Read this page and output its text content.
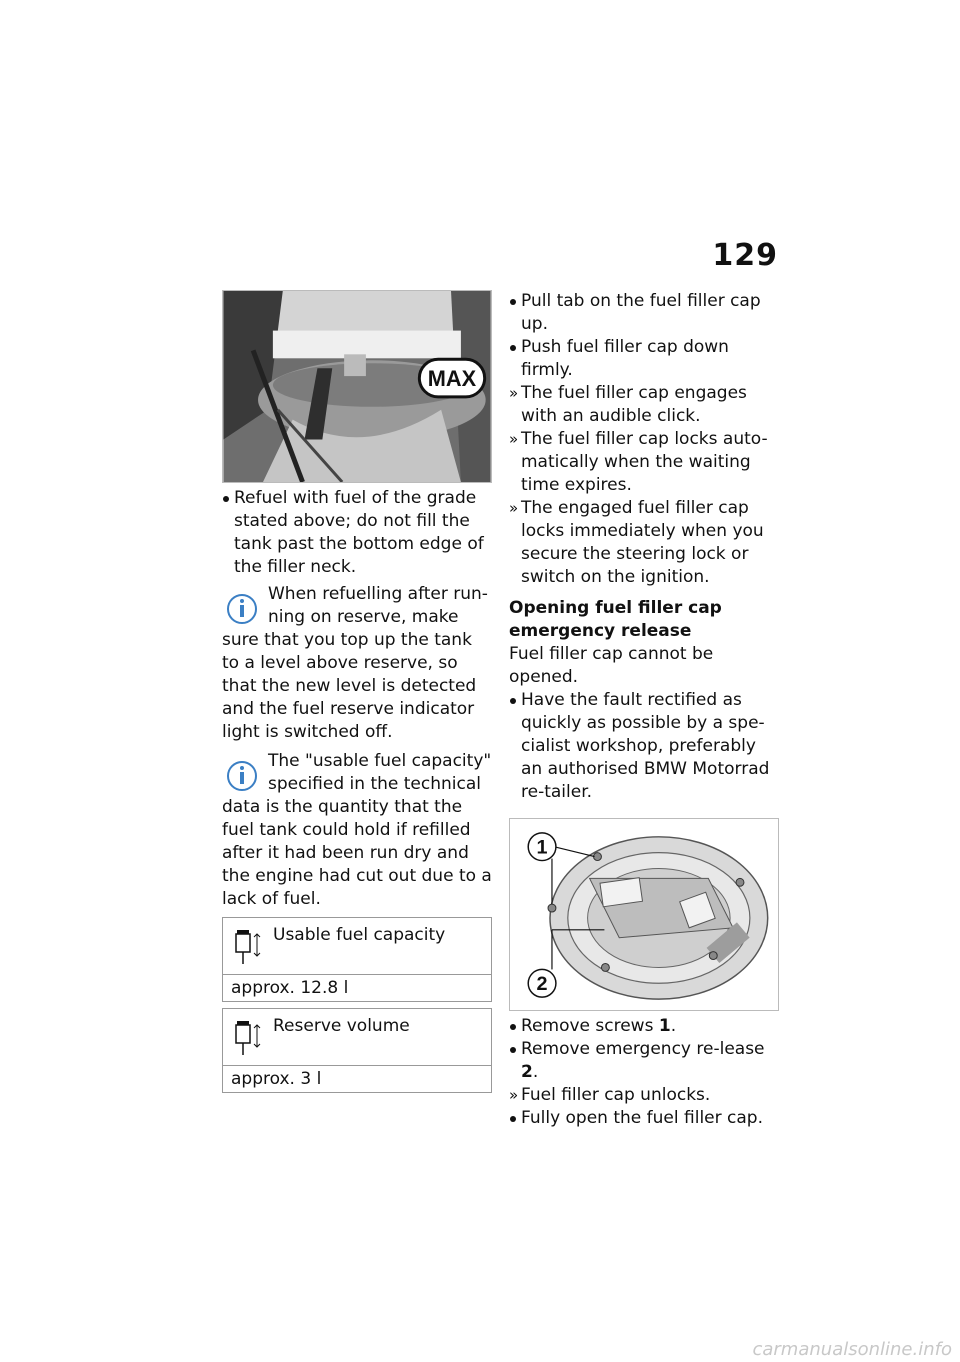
129
MAX

Refuel with fuel of the grade stated above; do not fill the tank past the bottom edge of the filler neck.

When refuelling after run-ning on reserve, make sure that you top up the tank to a level above reserve, so that the new level is detected and the fuel reserve indicator light is switched off.
The "usable fuel capacity" specified in the technical data is the quantity that the fuel tank could hold if refilled after it had been run dry and the engine had cut out due to a lack of fuel.
Usable fuel capacity
approx. 12.8 l
Reserve volume
approx. 3 l

Pull tab on the fuel filler cap up.

Push fuel filler cap down firmly.

» The fuel filler cap engages with an audible click.

» The fuel filler cap locks auto-matically when the waiting time expires.

» The engaged fuel filler cap locks immediately when you secure the steering lock or switch on the ignition.

Opening fuel filler cap emergency release
Fuel filler cap cannot be opened.

Have the fault rectified as quickly as possible by a spe-cialist workshop, preferably an authorised BMW Motorrad re-tailer.

1
2

Remove screws 1.

Remove emergency re-lease 2.

» Fuel filler cap unlocks.

Fully open the fuel filler cap.

carmanualsonline.info
